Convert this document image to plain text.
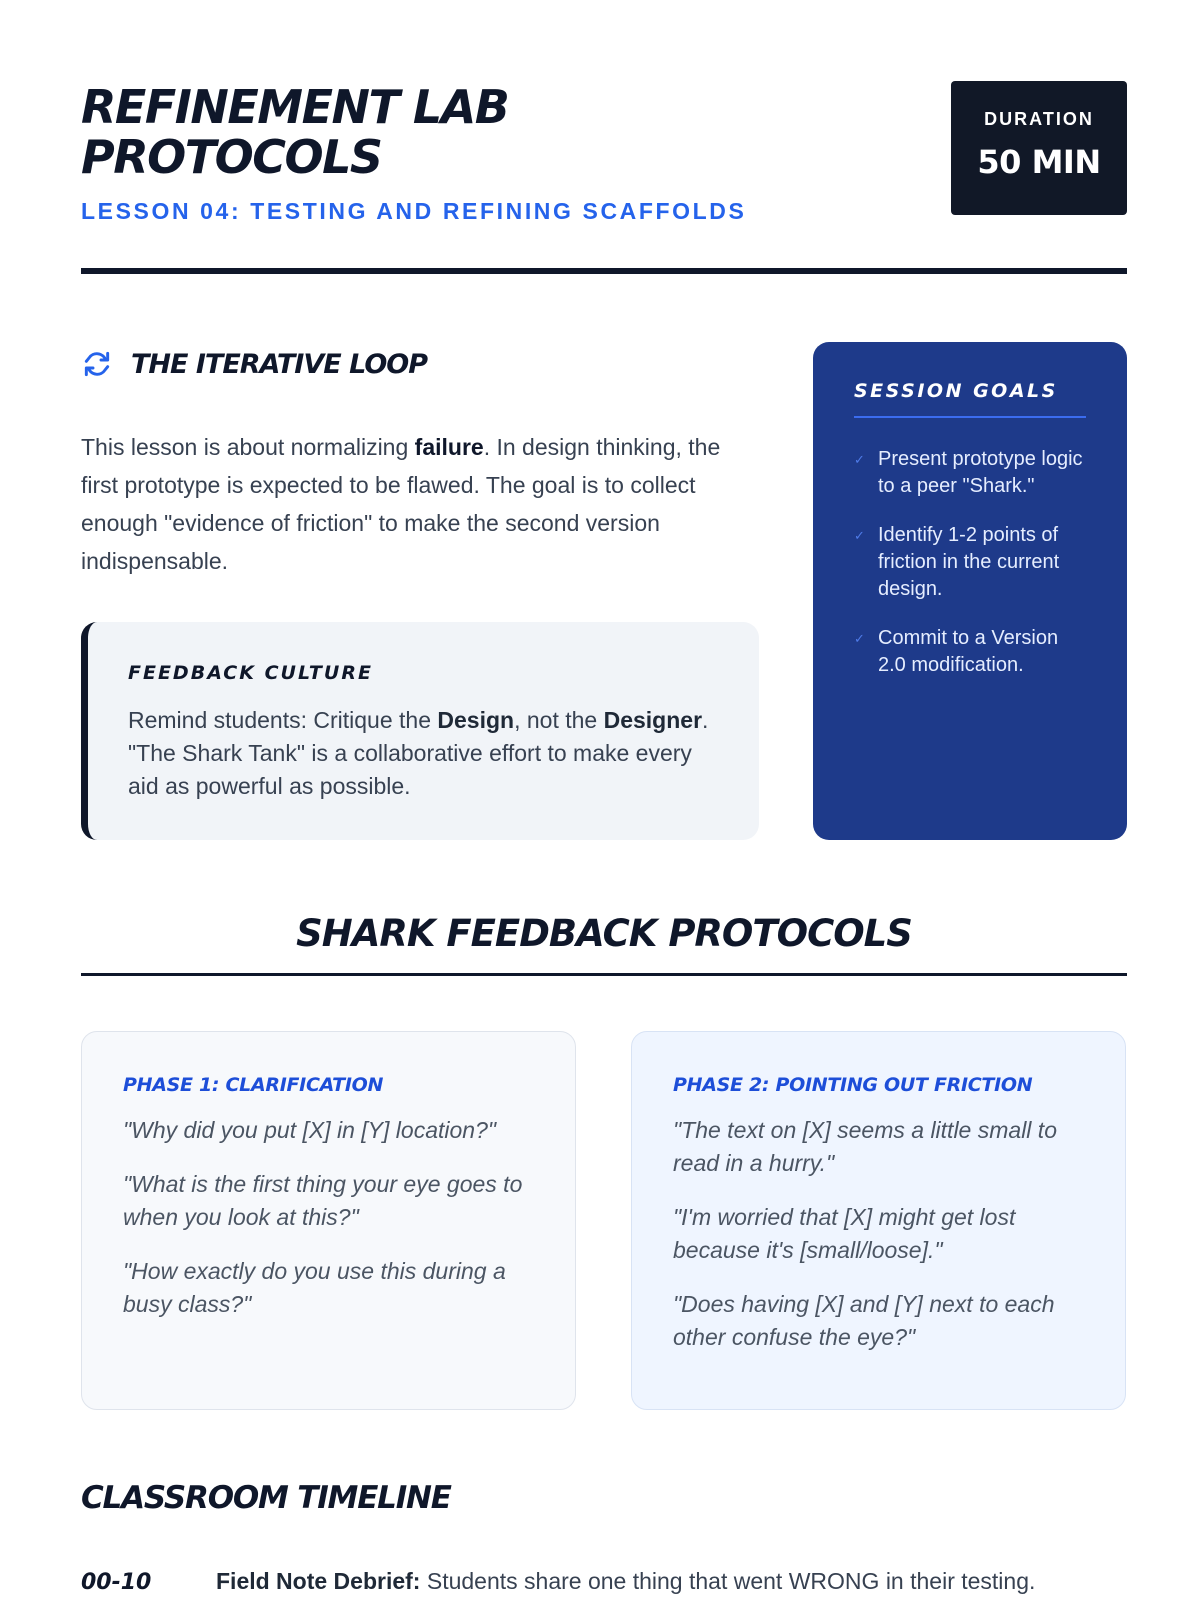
REFINEMENT LAB
PROTOCOLS
LESSON 04: TESTING AND REFINING SCAFFOLDS
DURATION
50 MIN
THE ITERATIVE LOOP

This lesson is about normalizing failure. In design thinking, the first prototype is expected to be flawed. The goal is to collect enough "evidence of friction" to make the second version indispensable.

FEEDBACK CULTURE

Remind students: Critique the Design, not the Designer. "The Shark Tank" is a collaborative effort to make every aid as powerful as possible.

SESSION GOALS
✓ Present prototype logic to a peer "Shark."
✓ Identify 1-2 points of friction in the current design.
✓ Commit to a Version 2.0 modification.
SHARK FEEDBACK PROTOCOLS
PHASE 1: CLARIFICATION

"Why did you put [X] in [Y] location?"

"What is the first thing your eye goes to when you look at this?"

"How exactly do you use this during a busy class?"

PHASE 2: POINTING OUT FRICTION

"The text on [X] seems a little small to read in a hurry."

"I'm worried that [X] might get lost because it's [small/loose]."

"Does having [X] and [Y] next to each other confuse the eye?"

CLASSROOM TIMELINE
00-10	Field Note Debrief: Students share one thing that went WRONG in their testing.
